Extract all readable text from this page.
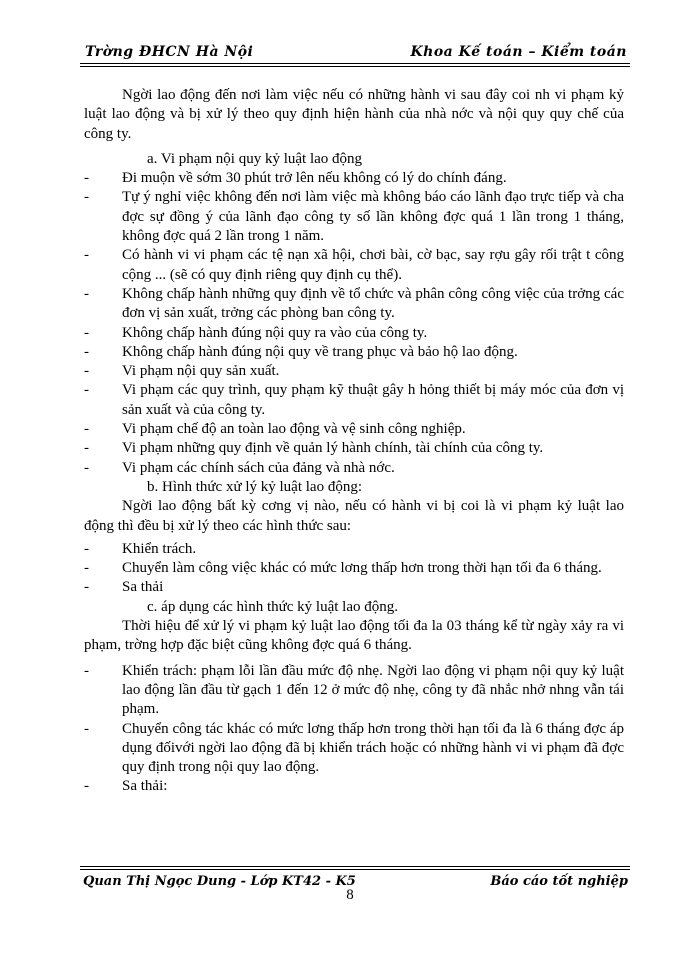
Trờng ĐHCN Hà Nội	Khoa Kế toán – Kiểm toán

Ngời lao động đến nơi làm việc nếu có những hành vi sau đây coi nh vi phạm kỷ luật lao động và bị xử lý theo quy định hiện hành của nhà nớc và nội quy quy chế của công ty.

a. Vi phạm nội quy kỷ luật lao động

- Đi muộn về sớm 30 phút trở lên nếu không có lý do chính đáng.

- Tự ý nghỉ việc không đến nơi làm việc mà không báo cáo lãnh đạo trực tiếp và cha đợc sự đồng ý của lãnh đạo công ty số lần không đợc quá 1 lần trong 1 tháng, không đợc quá 2 lần trong 1 năm.

- Có hành vi vi phạm các tệ nạn xã hội, chơi bài, cờ bạc, say rợu gây rối trật t công cộng ... (sẽ có quy định riêng quy định cụ thể).

- Không chấp hành những quy định về tổ chức và phân công công việc của trởng các đơn vị sản xuất, trởng các phòng ban công ty.

- Không chấp hành đúng nội quy ra vào của công ty.

- Không chấp hành đúng nội quy về trang phục và bảo hộ lao động.

- Vi phạm nội quy sản xuất.

- Vi phạm các quy trình, quy phạm kỹ thuật gây h hỏng thiết bị máy móc của đơn vị sản xuất và của công ty.

- Vi phạm chế độ an toàn lao động và vệ sinh công nghiệp.

- Vi phạm những quy định về quản lý hành chính, tài chính của công ty.

- Vi phạm các chính sách của đảng và nhà nớc.

b. Hình thức xử lý kỷ luật lao động:

Ngời lao động bất kỳ cơng vị nào, nếu có hành vi bị coi là vi phạm kỷ luật lao động thì đều bị xử lý theo các hình thức sau:

- Khiển trách.

- Chuyển làm công việc khác có mức lơng thấp hơn trong thời hạn tối đa 6 tháng.

- Sa thải

c. áp dụng các hình thức kỷ luật lao động.

Thời hiệu để xử lý vi phạm kỷ luật lao động tối đa la 03 tháng kể từ ngày xảy ra vi phạm, trờng hợp đặc biệt cũng không đợc quá 6 tháng.

- Khiển trách: phạm lỗi lần đầu mức độ nhẹ. Ngời lao động vi phạm nội quy kỷ luật lao động lần đầu từ gạch 1 đến 12 ở mức độ nhẹ, công ty đã nhắc nhở nhng vẫn tái phạm.

- Chuyển công tác khác có mức lơng thấp hơn trong thời hạn tối đa là 6 tháng đợc áp dụng đốivới ngời lao động đã bị khiển trách hoặc có những hành vi vi phạm đã đợc quy định trong nội quy lao động.

- Sa thải:

Quan Thị Ngọc Dung - Lớp KT42 - K5	Báo cáo tốt nghiệp
8
